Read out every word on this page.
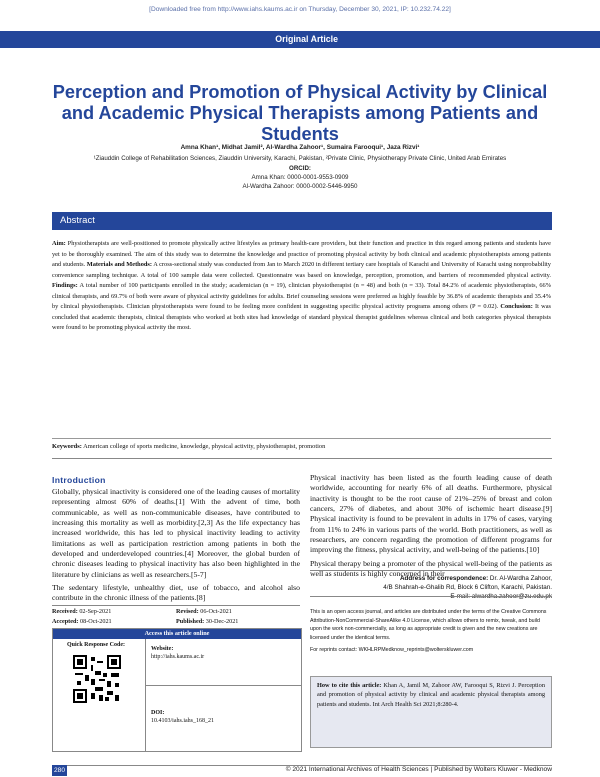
[Downloaded free from http://www.iahs.kaums.ac.ir on Thursday, December 30, 2021, IP: 10.232.74.22]
Original Article
Perception and Promotion of Physical Activity by Clinical and Academic Physical Therapists among Patients and Students
Amna Khan¹, Midhat Jamil², Al-Wardha Zahoor¹, Sumaira Farooqui¹, Jaza Rizvi¹
¹Ziauddin College of Rehabilitation Sciences, Ziauddin University, Karachi, Pakistan, ²Private Clinic, Physiotherapy Private Clinic, United Arab Emirates
ORCID:
Amna Khan: 0000-0001-9553-0909
Al-Wardha Zahoor: 0000-0002-5446-9950
Abstract
Aim: Physiotherapists are well-positioned to promote physically active lifestyles as primary health-care providers, but their function and practice in this regard among patients and students have yet to be thoroughly examined. The aim of this study was to determine the knowledge and practice of promoting physical activity by both clinical and academic physiotherapists among patients and students. Materials and Methods: A cross-sectional study was conducted from Jan to March 2020 in different tertiary care hospitals of Karachi and University of Karachi using nonprobability convenience sampling technique. A total of 100 sample data were collected. Questionnaire was based on knowledge, perception, promotion, and barriers of recommended physical activity. Findings: A total number of 100 participants enrolled in the study; academician (n = 19), clinician physiotherapist (n = 48) and both (n = 33). Total 84.2% of academic physiotherapists, 66% clinical therapists, and 69.7% of both were aware of physical activity guidelines for adults. Brief counseling sessions were preferred as highly feasible by 36.8% of academic therapists and 35.4% by clinical physiotherapists. Clinician physiotherapists were found to be feeling more confident in suggesting specific physical activity programs among others (P = 0.02). Conclusion: It was concluded that academic therapists, clinical therapists who worked at both sites had knowledge of standard physical therapist guidelines whereas clinical and both categories physical therapists were found to be promoting physical activity the most.
Keywords: American college of sports medicine, knowledge, physical activity, physiotherapist, promotion
Introduction

Globally, physical inactivity is considered one of the leading causes of mortality representing almost 60% of deaths.[1] With the advent of time, both communicable, as well as non-communicable diseases, have contributed to increasing this mortality as well as morbidity.[2,3] As the life expectancy has increased worldwide, this has led to physical inactivity leading to activity limitations as well as participation restriction among patients in both the developed and underdeveloped countries.[4] Moreover, the global burden of chronic diseases leading to physical inactivity has also been highlighted in the literature by clinicians as well as researchers.[5-7]

The sedentary lifestyle, unhealthy diet, use of tobacco, and alcohol also contribute in the chronic illness of the patients.[8]

Physical inactivity has been listed as the fourth leading cause of death worldwide, accounting for nearly 6% of all deaths. Furthermore, physical inactivity is thought to be the root cause of 21%–25% of breast and colon cancers, 27% of diabetes, and about 30% of ischemic heart disease.[9] Physical inactivity is found to be prevalent in adults in 17% of cases, varying from 11% to 24% in various parts of the world. Both practitioners, as well as researchers, are concern regarding the promotion of different programs for improving the fitness, physical activity, and well-being of the patients.[10]

Physical therapy being a promoter of the physical well-being of the patients as well as students is highly concerned in their

Address for correspondence: Dr. Al-Wardha Zahoor,
4/B Shahrah-e-Ghalib Rd, Block 6 Clifton, Karachi, Pakistan.
E-mail: alwardha.zahoor@zu.edu.pk
Received: 02-Sep-2021	Revised: 06-Oct-2021
Accepted: 08-Oct-2021	Published: 30-Dec-2021
Access this article online
Quick Response Code:
Website:
http://iahs.kaums.ac.ir
DOI:
10.4103/iahs.iahs_168_21
This is an open access journal, and articles are distributed under the terms of the Creative Commons Attribution-NonCommercial-ShareAlike 4.0 License, which allows others to remix, tweak, and build upon the work non-commercially, as long as appropriate credit is given and the new creations are licensed under the identical terms.
For reprints contact: WKHLRPMedknow_reprints@wolterskluwer.com
How to cite this article: Khan A, Jamil M, Zahoor AW, Farooqui S, Rizvi J. Perception and promotion of physical activity by clinical and academic physical therapists among patients and students. Int Arch Health Sci 2021;8:280-4.
280	© 2021 International Archives of Health Sciences | Published by Wolters Kluwer - Medknow
